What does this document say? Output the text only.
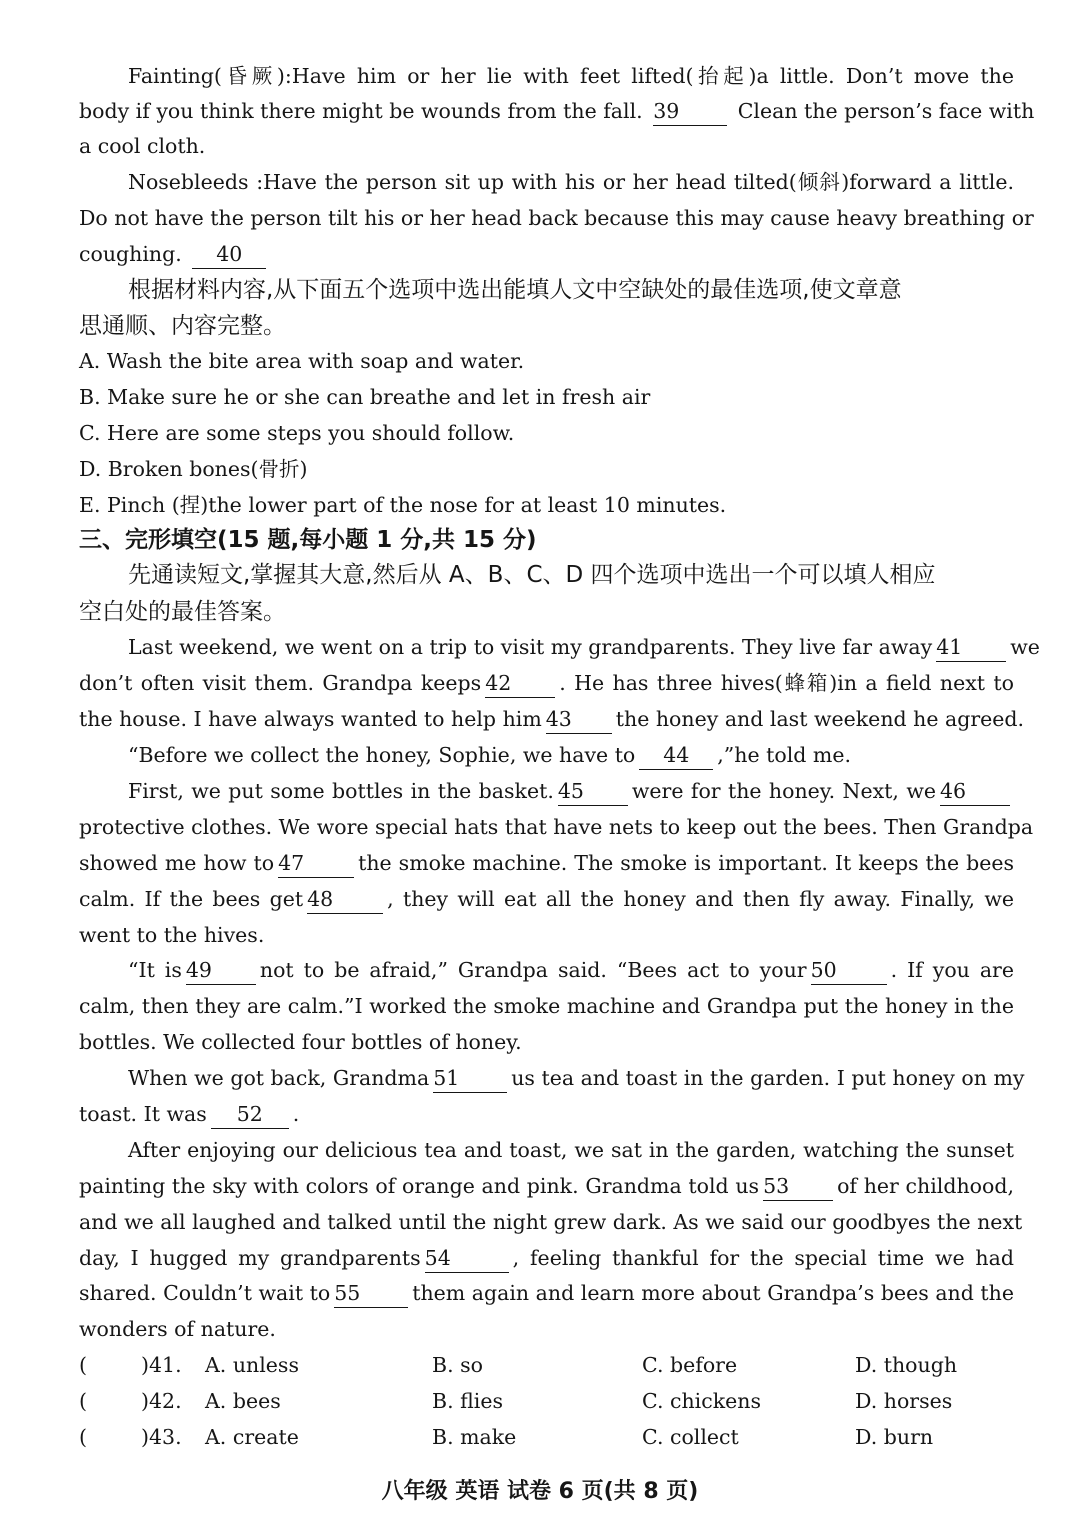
Fainting(昏厥):Have him or her lie with feet lifted(抬起)a little. Don’t move the
body if you think there might be wounds from the fall. 39	Clean the person’s face with
a cool cloth.
Nosebleeds :Have the person sit up with his or her head tilted(倾斜)forward a little.
Do not have the person tilt his or her head back because this may cause heavy breathing or
coughing. 40
根据材料内容,从下面五个选项中选出能填人文中空缺处的最佳选项,使文章意
思通顺、内容完整。
A. Wash the bite area with soap and water.
B. Make sure he or she can breathe and let in fresh air
C. Here are some steps you should follow.
D. Broken bones(骨折)
E. Pinch (捏)the lower part of the nose for at least 10 minutes.
三、完形填空(15 题,每小题 1 分,共 15 分)
先通读短文,掌握其大意,然后从 A、B、C、D 四个选项中选出一个可以填人相应
空白处的最佳答案。
Last weekend, we went on a trip to visit my grandparents. They live far away 41 we
don’t often visit them. Grandpa keeps 42 . He has three hives(蜂箱)in a field next to
the house. I have always wanted to help him 43 the honey and last weekend he agreed.
“Before we collect the honey, Sophie, we have to 44 ,”he told me.
First, we put some bottles in the basket. 45 were for the honey. Next, we 46
protective clothes. We wore special hats that have nets to keep out the bees. Then Grandpa
showed me how to 47	the smoke machine. The smoke is important. It keeps the bees
calm. If the bees get 48	, they will eat all the honey and then fly away. Finally, we
went to the hives.
“It is 49 not to be afraid,” Grandpa said. “Bees act to your 50	. If you are
calm, then they are calm.”I worked the smoke machine and Grandpa put the honey in the
bottles. We collected four bottles of honey.
When we got back, Grandma 51	us tea and toast in the garden. I put honey on my
toast. It was 52 .
After enjoying our delicious tea and toast, we sat in the garden, watching the sunset
painting the sky with colors of orange and pink. Grandma told us 53 of her childhood,
and we all laughed and talked until the night grew dark. As we said our goodbyes the next
day, I hugged my grandparents 54	, feeling thankful for the special time we had
shared. Couldn’t wait to 55	them again and learn more about Grandpa’s bees and the
wonders of nature.
(	)41. A. unless	B. so	C. before	D. though
(	)42. A. bees	B. flies	C. chickens	D. horses
(	)43. A. create	B. make	C. collect	D. burn
八年级 英语 试卷 6 页(共 8 页)
